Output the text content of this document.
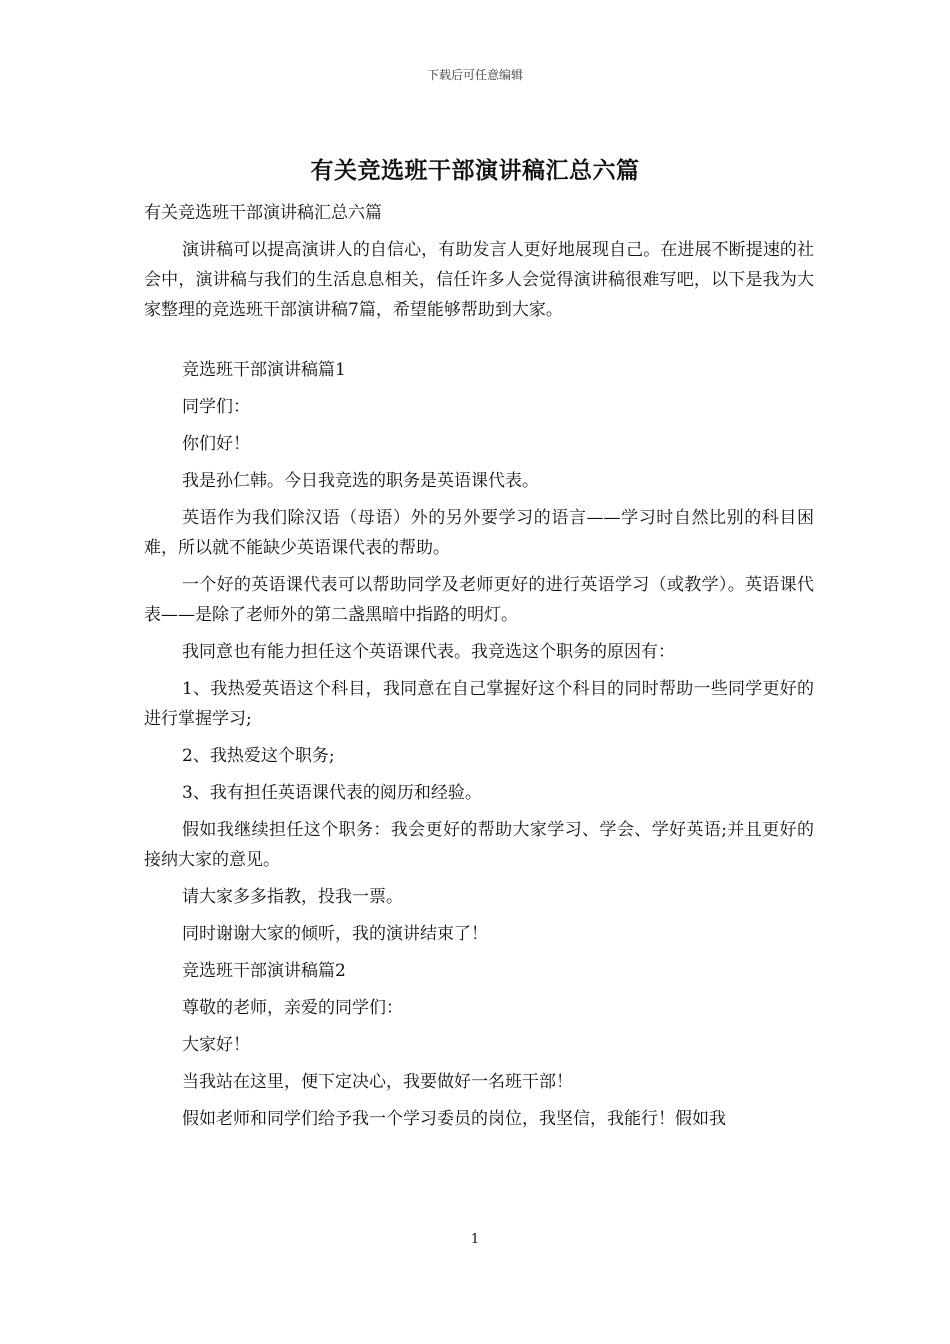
下载后可任意编辑
有关竞选班干部演讲稿汇总六篇

有关竞选班干部演讲稿汇总六篇

演讲稿可以提高演讲人的自信心，有助发言人更好地展现自己。在进展不断提速的社会中，演讲稿与我们的生活息息相关，信任许多人会觉得演讲稿很难写吧，以下是我为大家整理的竞选班干部演讲稿7篇，希望能够帮助到大家。

竞选班干部演讲稿篇1

同学们：

你们好！

我是孙仁韩。今日我竞选的职务是英语课代表。

英语作为我们除汉语（母语）外的另外要学习的语言——学习时自然比别的科目困难，所以就不能缺少英语课代表的帮助。

一个好的英语课代表可以帮助同学及老师更好的进行英语学习（或教学）。英语课代表——是除了老师外的第二盏黑暗中指路的明灯。

我同意也有能力担任这个英语课代表。我竞选这个职务的原因有：

1、我热爱英语这个科目，我同意在自己掌握好这个科目的同时帮助一些同学更好的进行掌握学习;

2、我热爱这个职务;

3、我有担任英语课代表的阅历和经验。

假如我继续担任这个职务：我会更好的帮助大家学习、学会、学好英语;并且更好的接纳大家的意见。

请大家多多指教，投我一票。

同时谢谢大家的倾听，我的演讲结束了！

竞选班干部演讲稿篇2

尊敬的老师，亲爱的同学们：

大家好！

当我站在这里，便下定决心，我要做好一名班干部！

假如老师和同学们给予我一个学习委员的岗位，我坚信，我能行！假如我

1
